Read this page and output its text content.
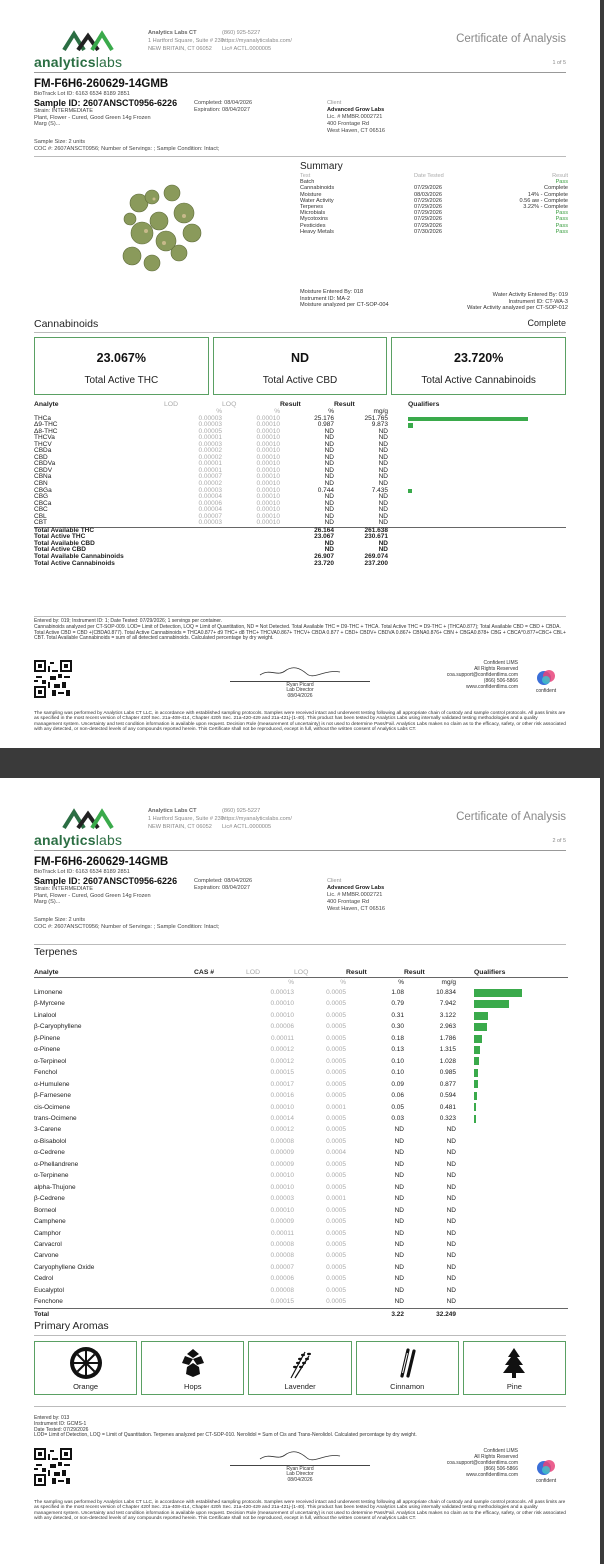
analyticslabs
Analytics Labs CT
1 Hartford Square, Suite # 230
NEW BRITAIN, CT 06052
(860) 925-5227
https://myanalyticslabs.com/
Lic# ACTL.0000005
Certificate of Analysis
1 of 5
FM-F6H6-260629-14GMB
BioTrack Lot ID: 6163 6534 8189 2851
Sample ID: 2607ANSCT0956-6226
Strain: INTERMEDIATE
Plant, Flower - Cured, Good Green 14g Frozen
Marg (S)...
Completed: 08/04/2026
Expiration: 08/04/2027
Client
Advanced Grow Labs
Lic. # MMBR.0002721
400 Frontage Rd
West Haven, CT 06516
Sample Size: 2 units
COC #: 2607ANSCT0956; Number of Servings: ; Sample Condition: Intact;
Summary
Test	Date Tested	Result
Batch	Pass
Cannabinoids	07/29/2026	Complete
Moisture	08/03/2026	14% - Complete
Water Activity	07/29/2026	0.56 aw - Complete
Terpenes	07/29/2026	3.22% - Complete
Microbials	07/29/2026	Pass
Mycotoxins	07/29/2026	Pass
Pesticides	07/29/2026	Pass
Heavy Metals	07/30/2026	Pass
Moisture Entered By: 018
Instrument ID: MA-2
Moisture analyzed per CT-SOP-004
Water Activity Entered By: 019
Instrument ID: CT-WA-3
Water Activity analyzed per CT-SOP-012
Cannabinoids	Complete
23.067%
Total Active THC
ND
Total Active CBD
23.720%
Total Active Cannabinoids
Analyte	LOD	LOQ	Result	Result		Qualifiers
	%	%	%	mg/g		
THCa	0.00003	0.00010	25.176	251.765		

Δ9-THC	0.00003	0.00010	0.987	9.873		

Δ8-THC	0.00005	0.00010	ND	ND		

THCVa	0.00001	0.00010	ND	ND		

THCV	0.00003	0.00010	ND	ND		

CBDa	0.00002	0.00010	ND	ND		

CBD	0.00002	0.00010	ND	ND		

CBDVa	0.00001	0.00010	ND	ND		

CBDV	0.00001	0.00010	ND	ND		

CBNa	0.00007	0.00010	ND	ND		

CBN	0.00002	0.00010	ND	ND		

CBGa	0.00003	0.00010	0.744	7.435		

CBG	0.00004	0.00010	ND	ND		

CBCa	0.00006	0.00010	ND	ND		

CBC	0.00004	0.00010	ND	ND		

CBL	0.00007	0.00010	ND	ND		

CBT	0.00003	0.00010	ND	ND		

Total Available THC			26.164	261.638		
Total Active THC			23.067	230.671		
Total Available CBD			ND	ND		
Total Active CBD			ND	ND		
Total Available Cannabinoids			26.907	269.074		
Total Active Cannabinoids			23.720	237.200		
Entered by: 019; Instrument ID: 1; Date Tested: 07/29/2026; 1 servings per container.
Cannabinoids analyzed per CT-SOP-009. LOD= Limit of Detection, LOQ = Limit of Quantitation, ND = Not Detected. Total Available THC = D9-THC + THCA. Total Active THC = D9-THC + (THCA0.877); Total Available CBD = CBD + CBDA. Total Active CBD = CBD +(CBDA0.877). Total Active Cannabinoids = THCA0.877+ d9 THC+ d8 THC+ THCVA0.867+ THCV+ CBDA 0.877 + CBD+ CBDV+ CBDVA 0.867+ CBNA0.876+ CBN + CBGA0.878+ CBG + CBCA*0.877+CBC+ CBL+ CBT. Total Available Cannabinoids = sum of all detected cannabinoids. Calculated percentage by dry weight.
Ryan Picard
Lab Director
08/04/2026
Confident LIMS
All Rights Reserved
coa.support@confidentlims.com
(866) 506-5866
www.confidentlims.com
confident
The sampling was performed by Analytics Labs CT LLC, in accordance with established sampling protocols. Samples were received intact and underwent testing following all appropriate chain of custody and sample control protocols. All pass limits are as specified in the most recent version of Chapter 420f Sec. 21a-408-414, Chapter 420h Sec. 21a-420-429 and 21a-421j-(1-40). This product has been tested by Analytics Labs using internally validated testing methodologies and a quality management system. Uncertainty and test condition information is available upon request. Decision Rule (measurement of uncertainty) is not used to determine Pass/Fail. Analytics Labs makes no claim as to the efficacy, safety, or other risk associated with any detected, or non-detected levels of any compounds reported herein. This Certificate shall not be reproduced, except in full, without the written consent of Analytics Labs CT.
analyticslabs
Analytics Labs CT
1 Hartford Square, Suite # 230
NEW BRITAIN, CT 06052
(860) 925-5227
https://myanalyticslabs.com/
Lic# ACTL.0000005
Certificate of Analysis
2 of 5
FM-F6H6-260629-14GMB
BioTrack Lot ID: 6163 6534 8189 2851
Sample ID: 2607ANSCT0956-6226
Strain: INTERMEDIATE
Plant, Flower - Cured, Good Green 14g Frozen
Marg (S)...
Completed: 08/04/2026
Expiration: 08/04/2027
Client
Advanced Grow Labs
Lic. # MMBR.0002721
400 Frontage Rd
West Haven, CT 06516
Sample Size: 2 units
COC #: 2607ANSCT0956; Number of Servings: ; Sample Condition: Intact;
Terpenes
Analyte	CAS #	LOD	LOQ	Result	Result		Qualifiers
		%	%	%	mg/g		
Limonene		0.00013	0.0005	1.08	10.834		

β-Myrcene		0.00010	0.0005	0.79	7.942		

Linalool		0.00010	0.0005	0.31	3.122		

β-Caryophyllene		0.00006	0.0005	0.30	2.963		

β-Pinene		0.00011	0.0005	0.18	1.786		

α-Pinene		0.00012	0.0005	0.13	1.315		

α-Terpineol		0.00012	0.0005	0.10	1.028		

Fenchol		0.00015	0.0005	0.10	0.985		

α-Humulene		0.00017	0.0005	0.09	0.877		

β-Farnesene		0.00016	0.0005	0.06	0.594		

cis-Ocimene		0.00010	0.0001	0.05	0.481		

trans-Ocimene		0.00014	0.0005	0.03	0.323		

3-Carene		0.00012	0.0005	ND	ND		

α-Bisabolol		0.00008	0.0005	ND	ND		

α-Cedrene		0.00009	0.0004	ND	ND		

α-Phellandrene		0.00009	0.0005	ND	ND		

α-Terpinene		0.00010	0.0005	ND	ND		

alpha-Thujone		0.00010	0.0005	ND	ND		

β-Cedrene		0.00003	0.0001	ND	ND		

Borneol		0.00010	0.0005	ND	ND		

Camphene		0.00009	0.0005	ND	ND		

Camphor		0.00011	0.0005	ND	ND		

Carvacrol		0.00008	0.0005	ND	ND		

Carvone		0.00008	0.0005	ND	ND		

Caryophyllene Oxide		0.00007	0.0005	ND	ND		

Cedrol		0.00006	0.0005	ND	ND		

Eucalyptol		0.00008	0.0005	ND	ND		

Fenchone		0.00015	0.0005	ND	ND		

Total				3.22	32.249		
Primary Aromas
Orange	Hops	Lavender	Cinnamon	Pine
Entered by: 013
Instrument ID: GCMS-1
Date Tested: 07/29/2026
LOD= Limit of Detection, LOQ = Limit of Quantitation. Terpenes analyzed per CT-SOP-010. Nerolidol = Sum of Cis and Trans-Nerolidol. Calculated percentage by dry weight.
Ryan Picard
Lab Director
08/04/2026
Confident LIMS
All Rights Reserved
coa.support@confidentlims.com
(866) 506-5866
www.confidentlims.com
confident
The sampling was performed by Analytics Labs CT LLC, in accordance with established sampling protocols. Samples were received intact and underwent testing following all appropriate chain of custody and sample control protocols. All pass limits are as specified in the most recent version of Chapter 420f Sec. 21a-408-414, Chapter 420h Sec. 21a-420-429 and 21a-421j-(1-40). This product has been tested by Analytics Labs using internally validated testing methodologies and a quality management system. Uncertainty and test condition information is available upon request. Decision Rule (measurement of uncertainty) is not used to determine Pass/Fail. Analytics Labs makes no claim as to the efficacy, safety, or other risk associated with any detected, or non-detected levels of any compounds reported herein. This Certificate shall not be reproduced, except in full, without the written consent of Analytics Labs CT.
